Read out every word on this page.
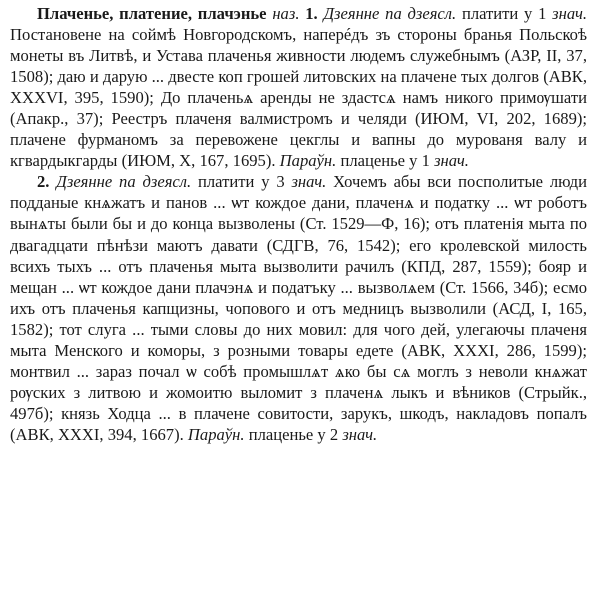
Плаченье, платение, плачэнье наз. 1. Дзеянне па дзеясл. платити у 1 знач. Постановене на соймѣ Новгородскомъ, наперéдъ зъ стороны бранья Польскоѣ монеты въ Литвѣ, и Устава плаченья живности людемъ служебнымъ (АЗР, II, 37, 1508); даю и дарую ... двесте коп грошей литовских на плачене тых долгов (АВК, XXXVI, 395, 1590); До плаченьѧ аренды не здастсѧ намъ никого примѹшати (Апакр., 37); Реестръ плаченя валмистромъ и челяди (ИЮМ, VI, 202, 1689); плачене фурманомъ за перевожене цекглы и вапны до мурованя валу и кгвардыкгарды (ИЮМ, X, 167, 1695). Параўн. плаценье у 1 знач.

2. Дзеянне па дзеясл. платити у 3 знач. Хочемъ абы вси посполитые люди подданые кнѧжатъ и панов ... ѡт кождое дани, плаченѧ и податку ... ѡт роботъ вынѧты были бы и до конца вызволены (Ст. 1529—Ф, 16); отъ платенія мыта по двагадцати пѣнѣзи маютъ давати (СДГВ, 76, 1542); его кролевской милость всихъ тыхъ ... отъ плаченья мыта вызволити рачилъ (КПД, 287, 1559); бояр и мещан ... ѡт кождое дани плачэнѧ и податъку ... вызволѧем (Ст. 1566, 34б); есмо ихъ отъ плаченья капщизны, чопового и отъ медницъ вызволили (АСД, I, 165, 1582); тот слуга ... тыми словы до них мовил: для чого дей, улегаючы плаченя мыта Менского и коморы, з розными товары едете (АВК, XXXI, 286, 1599); монтвил ... зараз почал ѡ собѣ промышлѧт ѧко бы сѧ моглъ з неволи кнѧжат рѹских з литвою и жомоитю выломит з плаченѧ лыкъ и вѣников (Стрыйк., 497б); князь Ходца ... в плачене совитости, зарукъ, шкодъ, накладовъ попалъ (АВК, XXXI, 394, 1667). Параўн. плаценье у 2 знач.
